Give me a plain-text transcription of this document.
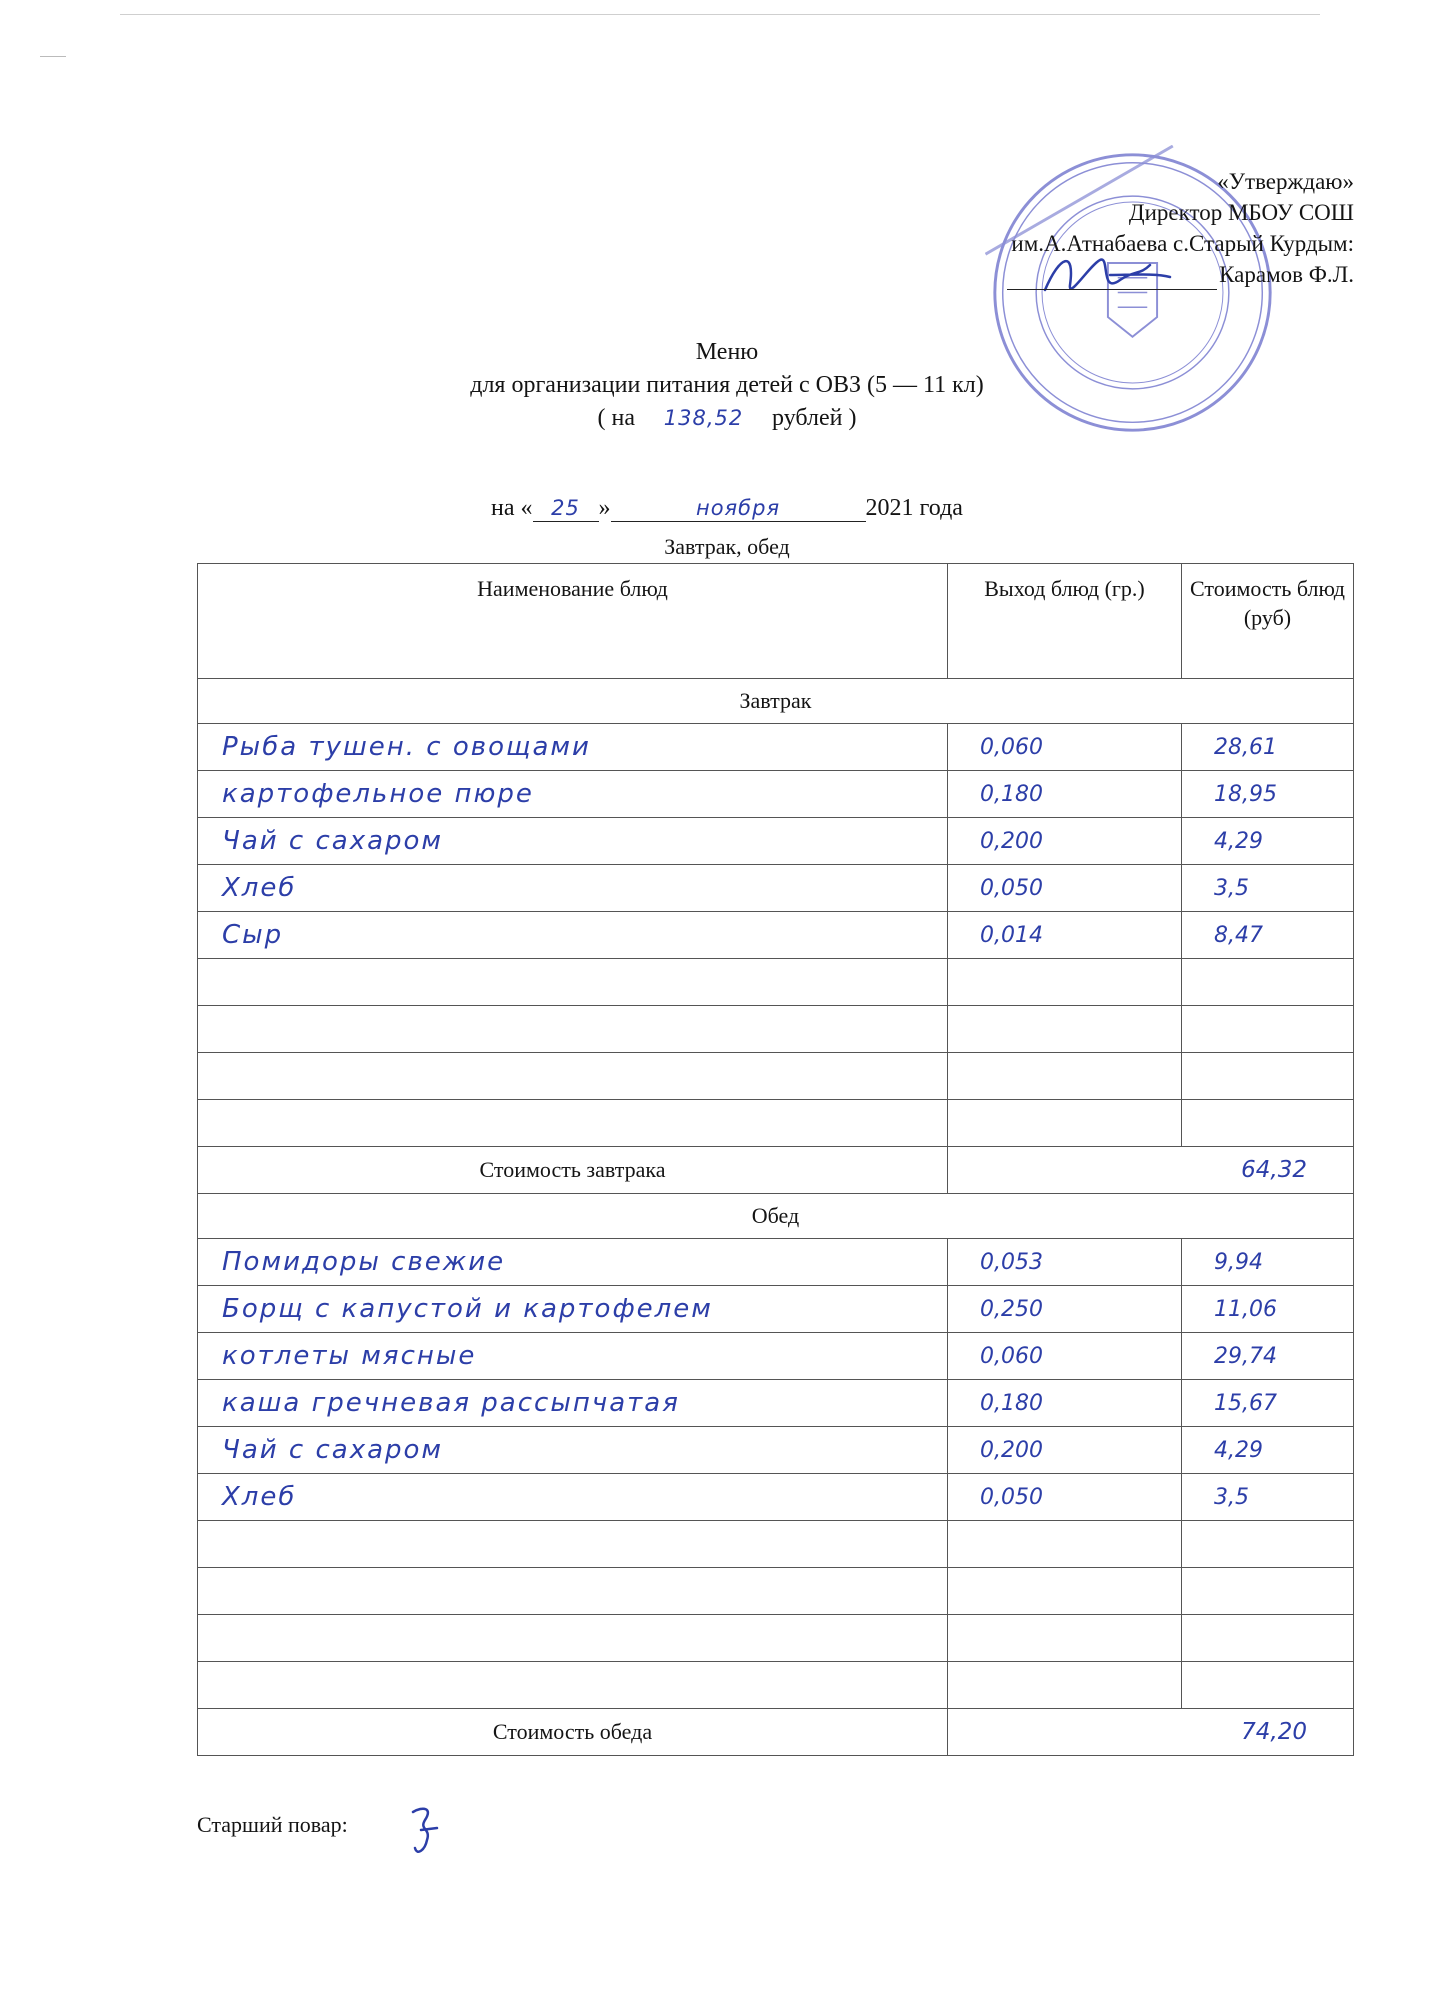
«Утверждаю»
Директор МБОУ СОШ
им.А.Атнабаева с.Старый Курдым:
Карамов Ф.Л.
Меню
для организации питания детей с ОВЗ (5 — 11 кл)
( на 138,52 рублей )
на « 25 »	ноября	2021 года
Завтрак, обед
Наименование блюд	Выход блюд (гр.)	Стоимость блюд (руб)
Завтрак		
Рыба тушен. с овощами	0,060	28,61
картофельное пюре	0,180	18,95
Чай с сахаром	0,200	4,29
Хлеб	0,050	3,5
Сыр	0,014	8,47

Стоимость завтрака	64,32	
Обед		
Помидоры свежие	0,053	9,94
Борщ с капустой и картофелем	0,250	11,06
котлеты мясные	0,060	29,74
каша гречневая рассыпчатая	0,180	15,67
Чай с сахаром	0,200	4,29
Хлеб	0,050	3,5

Стоимость обеда	74,20	
Старший повар:
